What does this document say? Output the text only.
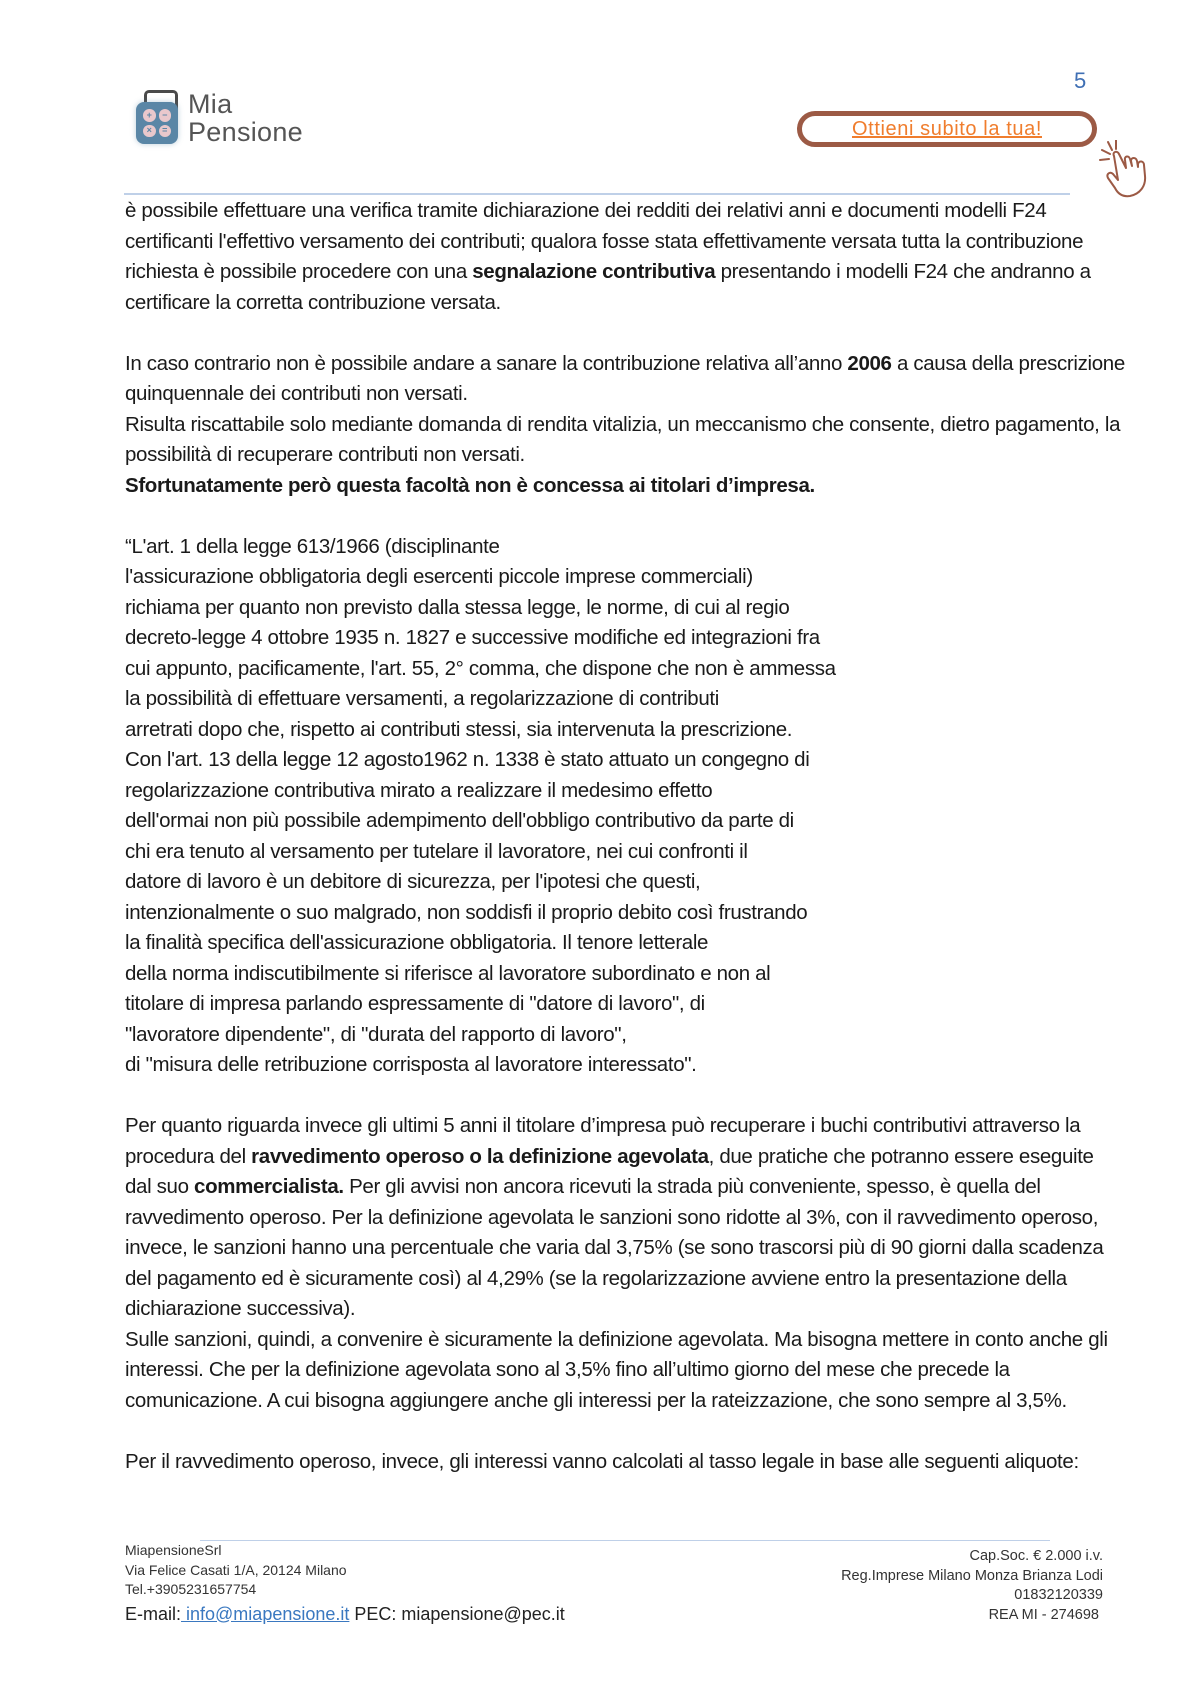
+	−
×	=
Mia
Pensione
5
Ottieni subito la tua!

è possibile effettuare una verifica tramite dichiarazione dei redditi dei relativi anni e documenti modelli F24 certificanti l'effettivo versamento dei contributi; qualora fosse stata effettivamente versata tutta la contribuzione richiesta è possibile procedere con una segnalazione contributiva presentando i modelli F24 che andranno a certificare la corretta contribuzione versata.

In caso contrario non è possibile andare a sanare la contribuzione relativa all’anno 2006 a causa della prescrizione quinquennale dei contributi non versati.

Risulta riscattabile solo mediante domanda di rendita vitalizia, un meccanismo che consente, dietro pagamento, la possibilità di recuperare contributi non versati.

Sfortunatamente però questa facoltà non è concessa ai titolari d’impresa.

“L'art. 1 della legge 613/1966 (disciplinante
l'assicurazione obbligatoria degli esercenti piccole imprese commerciali)
richiama per quanto non previsto dalla stessa legge, le norme, di cui al regio
decreto-legge 4 ottobre 1935 n. 1827 e successive modifiche ed integrazioni fra
cui appunto, pacificamente, l'art. 55, 2° comma, che dispone che non è ammessa
la possibilità di effettuare versamenti, a regolarizzazione di contributi
arretrati dopo che, rispetto ai contributi stessi, sia intervenuta la prescrizione.
Con l'art. 13 della legge 12 agosto1962 n. 1338 è stato attuato un congegno di
regolarizzazione contributiva mirato a realizzare il medesimo effetto
dell'ormai non più possibile adempimento dell'obbligo contributivo da parte di
chi era tenuto al versamento per tutelare il lavoratore, nei cui confronti il
datore di lavoro è un debitore di sicurezza, per l'ipotesi che questi,
intenzionalmente o suo malgrado, non soddisfi il proprio debito così frustrando
la finalità specifica dell'assicurazione obbligatoria. Il tenore letterale
della norma indiscutibilmente si riferisce al lavoratore subordinato e non al
titolare di impresa parlando espressamente di "datore di lavoro", di
"lavoratore dipendente", di "durata del rapporto di lavoro",
di "misura delle retribuzione corrisposta al lavoratore interessato".

Per quanto riguarda invece gli ultimi 5 anni il titolare d’impresa può recuperare i buchi contributivi attraverso la procedura del ravvedimento operoso o la definizione agevolata, due pratiche che potranno essere eseguite dal suo commercialista. Per gli avvisi non ancora ricevuti la strada più conveniente, spesso, è quella del ravvedimento operoso. Per la definizione agevolata le sanzioni sono ridotte al 3%, con il ravvedimento operoso, invece, le sanzioni hanno una percentuale che varia dal 3,75% (se sono trascorsi più di 90 giorni dalla scadenza del pagamento ed è sicuramente così) al 4,29% (se la regolarizzazione avviene entro la presentazione della dichiarazione successiva).

Sulle sanzioni, quindi, a convenire è sicuramente la definizione agevolata. Ma bisogna mettere in conto anche gli interessi. Che per la definizione agevolata sono al 3,5% fino all’ultimo giorno del mese che precede la comunicazione. A cui bisogna aggiungere anche gli interessi per la rateizzazione, che sono sempre al 3,5%.

Per il ravvedimento operoso, invece, gli interessi vanno calcolati al tasso legale in base alle seguenti aliquote:

MiapensioneSrl
Via Felice Casati 1/A, 20124 Milano
Tel.+3905231657754
E-mail: info@miapensione.it PEC: miapensione@pec.it
Cap.Soc. € 2.000 i.v.
Reg.Imprese Milano Monza Brianza Lodi
01832120339
REA MI - 274698
